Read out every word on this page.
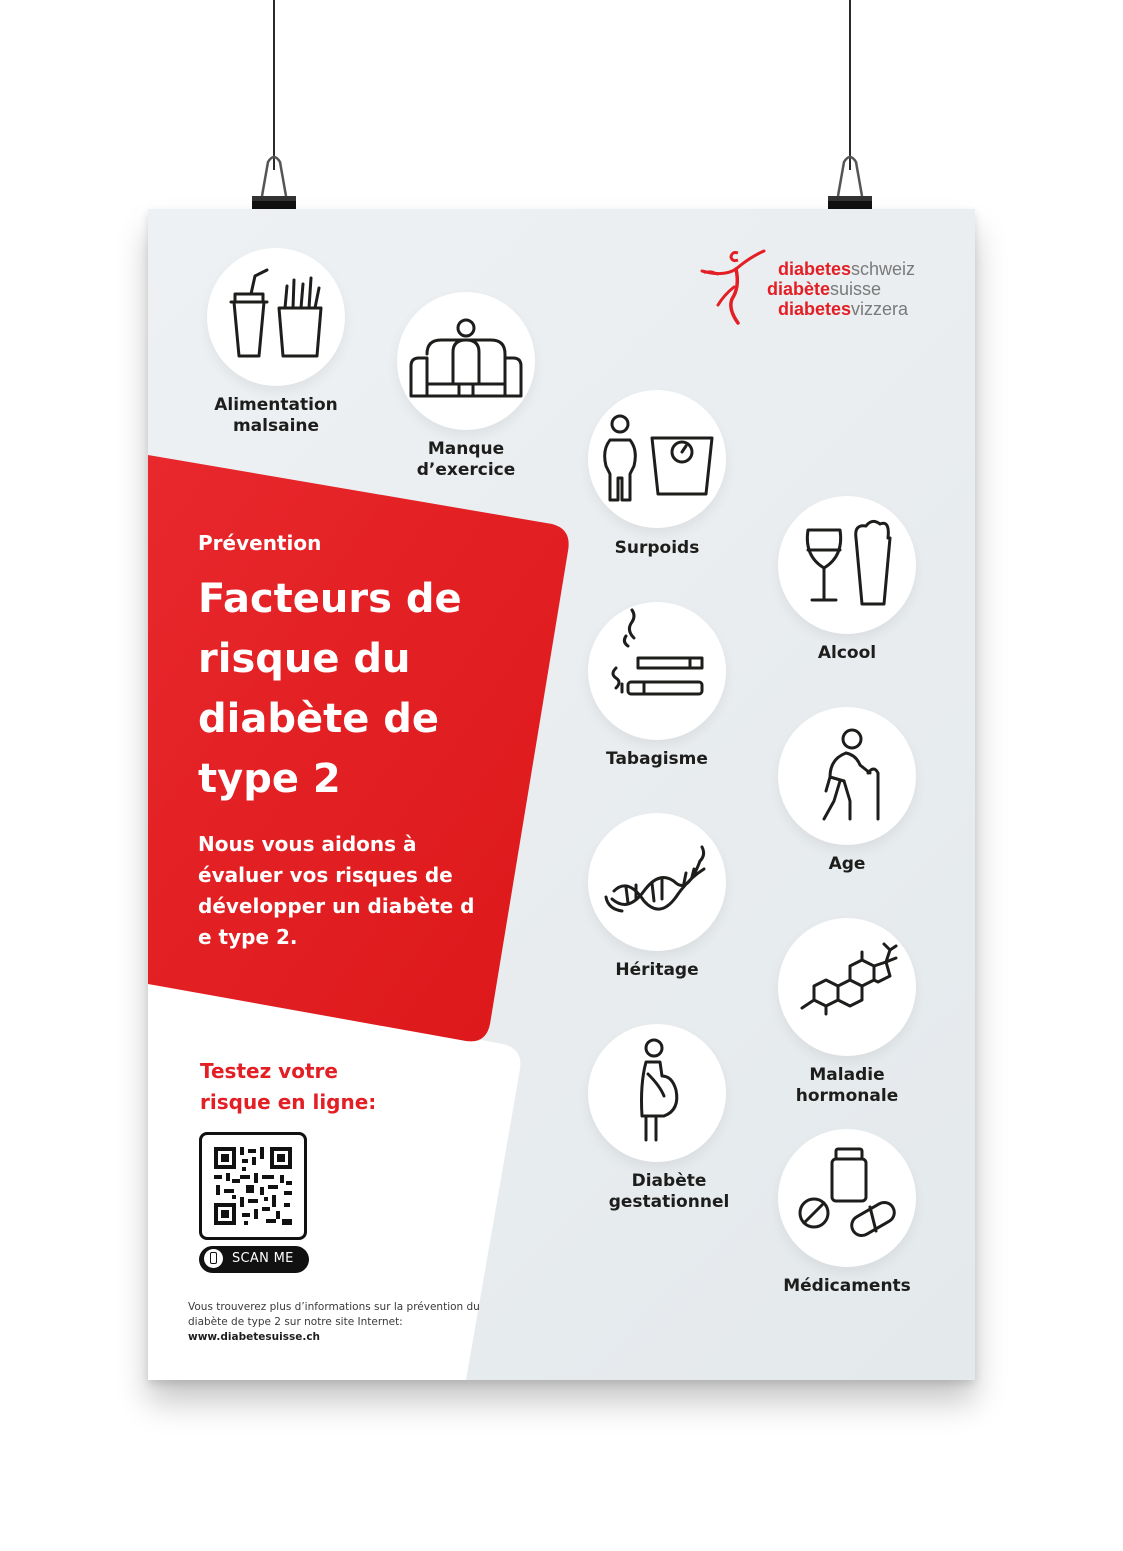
diabetesschweiz
diabètesuisse
diabetesvizzera
Prévention
Facteurs de
risque du
diabète de
type 2
Nous vous aidons à
évaluer vos risques de
développer un diabète d
e type 2.
Testez votre
risque en ligne:
SCAN ME
Vous trouverez plus d’informations sur la prévention du diabète de type 2 sur notre site Internet:
www.diabetesuisse.ch
Alimentation
malsaine
Manque
d’exercice
Surpoids
Alcool
Tabagisme
Age
Héritage
Maladie
hormonale
Diabète
gestationnel
Médicaments
